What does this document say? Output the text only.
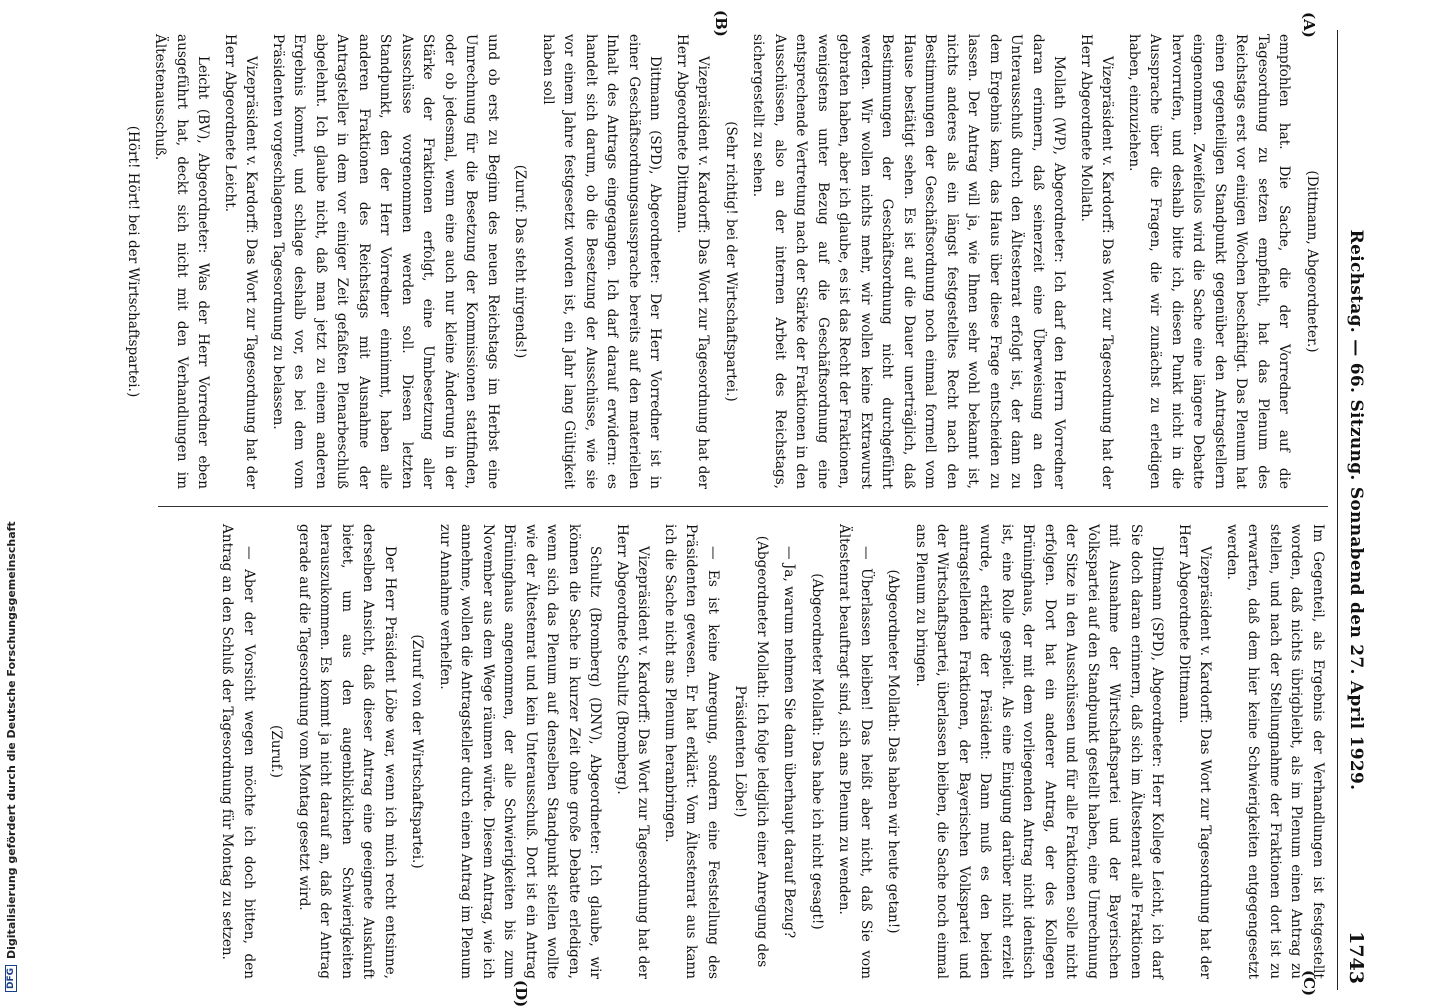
DFG
Digitalisierung gefördert durch die Deutsche Forschungsgemeinschaft	Reichstag. — 66. Sitzung. Sonnabend den 27. April 1929.
1743
(A)
(B)
(C)
(D)

(Dittmann, Abgeordneter.)

empfohlen hat. Die Sache, die der Vorredner auf die Tagesordnung zu setzen empfiehlt, hat das Plenum des Reichstags erst vor einigen Wochen beschäftigt. Das Plenum hat einen gegenteiligen Standpunkt gegenüber den Antragstellern eingenommen. Zweifellos wird die Sache eine längere Debatte hervorrufen, und deshalb bitte ich, diesen Punkt nicht in die Aussprache über die Fragen, die wir zunächst zu erledigen haben, einzuziehen.

Vizepräsident v. Kardorff: Das Wort zur Tagesordnung hat der Herr Abgeordnete Mollath.

Mollath (WP), Abgeordneter: Ich darf den Herrn Vorredner daran erinnern, daß seinerzeit eine Überweisung an den Unterausschuß durch den Ältestenrat erfolgt ist, der dann zu dem Ergebnis kam, das Haus über diese Frage entscheiden zu lassen. Der Antrag will ja, wie Ihnen sehr wohl bekannt ist, nichts anderes als ein längst festgestelltes Recht nach den Bestimmungen der Geschäftsordnung noch einmal formell vom Hause bestätigt sehen. Es ist auf die Dauer unerträglich, daß Bestimmungen der Geschäftsordnung nicht durchgeführt werden. Wir wollen nichts mehr, wir wollen keine Extrawurst gebraten haben, aber ich glaube, es ist das Recht der Fraktionen, wenigstens unter Bezug auf die Geschäftsordnung eine entsprechende Vertretung nach der Stärke der Fraktionen in den Ausschüssen, also an der internen Arbeit des Reichstags, sichergestellt zu sehen.

(Sehr richtig! bei der Wirtschaftspartei.)

Vizepräsident v. Kardorff: Das Wort zur Tagesordnung hat der Herr Abgeordnete Dittmann.

Dittmann (SPD), Abgeordneter: Der Herr Vorredner ist in einer Geschäftsordnungsaussprache bereits auf den materiellen Inhalt des Antrags eingegangen. Ich darf darauf erwidern: es handelt sich darum, ob die Besetzung der Ausschüsse, wie sie vor einem Jahre festgesetzt worden ist, ein Jahr lang Gültigkeit haben soll

(Zuruf: Das steht nirgends!)

und ob erst zu Beginn des neuen Reichstags im Herbst eine Umrechnung für die Besetzung der Kommissionen stattfinden, oder ob jedesmal, wenn eine auch nur kleine Änderung in der Stärke der Fraktionen erfolgt, eine Umbesetzung aller Ausschüsse vorgenommen werden soll. Diesen letzten Standpunkt, den der Herr Vorredner einnimmt, haben alle anderen Fraktionen des Reichstags mit Ausnahme der Antragsteller in dem vor einiger Zeit gefaßten Plenarbeschluß abgelehnt. Ich glaube nicht, daß man jetzt zu einem anderen Ergebnis kommt, und schlage deshalb vor, es bei dem vom Präsidenten vorgeschlagenen Tagesordnung zu belassen.

Vizepräsident v. Kardorff: Das Wort zur Tagesordnung hat der Herr Abgeordnete Leicht.

Leicht (BV), Abgeordneter: Was der Herr Vorredner eben ausgeführt hat, deckt sich nicht mit den Verhandlungen im Ältestenausschuß.

(Hört! Hört! bei der Wirtschaftspartei.)

Im Gegenteil, als Ergebnis der Verhandlungen ist festgestellt worden, daß nichts übrigbleibt, als im Plenum einen Antrag zu stellen, und nach der Stellungnahme der Fraktionen dort ist zu erwarten, daß dem hier keine Schwierigkeiten entgegengesetzt werden.

Vizepräsident v. Kardorff: Das Wort zur Tagesordnung hat der Herr Abgeordnete Dittmann.

Dittmann (SPD), Abgeordneter: Herr Kollege Leicht, ich darf Sie doch daran erinnern, daß sich im Ältestenrat alle Fraktionen mit Ausnahme der Wirtschaftspartei und der Bayerischen Volkspartei auf den Standpunkt gestellt haben, eine Umrechnung der Sitze in den Ausschüssen und für alle Fraktionen solle nicht erfolgen. Dort hat ein anderer Antrag, der des Kollegen Brüninghaus, der mit dem vorliegenden Antrag nicht identisch ist, eine Rolle gespielt. Als eine Einigung darüber nicht erzielt wurde, erklärte der Präsident: Dann muß es den beiden antragstellenden Fraktionen, der Bayerischen Volkspartei und der Wirtschaftspartei, überlassen bleiben, die Sache noch einmal ans Plenum zu bringen.

(Abgeordneter Mollath: Das haben wir heute getan!)

— Überlassen bleiben! Das heißt aber nicht, daß Sie vom Ältestenrat beauftragt sind, sich ans Plenum zu wenden.

(Abgeordneter Mollath: Das habe ich nicht gesagt!)

— Ja, warum nehmen Sie dann überhaupt darauf Bezug?

(Abgeordneter Mollath: Ich folge lediglich einer Anregung des Präsidenten Löbe!)

— Es ist keine Anregung, sondern eine Feststellung des Präsidenten gewesen. Er hat erklärt: Vom Ältestenrat aus kann ich die Sache nicht ans Plenum heranbringen.

Vizepräsident v. Kardorff: Das Wort zur Tagesordnung hat der Herr Abgeordnete Schultz (Bromberg).

Schultz (Bromberg) (DNV), Abgeordneter: Ich glaube, wir können die Sache in kurzer Zeit ohne große Debatte erledigen, wenn sich das Plenum auf denselben Standpunkt stellen wollte wie der Ältestenrat und kein Unterausschuß. Dort ist ein Antrag Brüninghaus angenommen, der alle Schwierigkeiten bis zum November aus dem Wege räumen würde. Diesem Antrag, wie ich annehme, wollen die Antragsteller durch einen Antrag im Plenum zur Annahme verhelfen.

(Zuruf von der Wirtschaftspartei.)

Der Herr Präsident Löbe war, wenn ich mich recht entsinne, derselben Ansicht, daß dieser Antrag eine geeignete Auskunft bietet, um aus den augenblicklichen Schwierigkeiten herauszukommen. Es kommt ja nicht darauf an, daß der Antrag gerade auf die Tagesordnung vom Montag gesetzt wird.

(Zuruf.)

— Aber der Vorsicht wegen möchte ich doch bitten, den Antrag an den Schluß der Tagesordnung für Montag zu setzen.
